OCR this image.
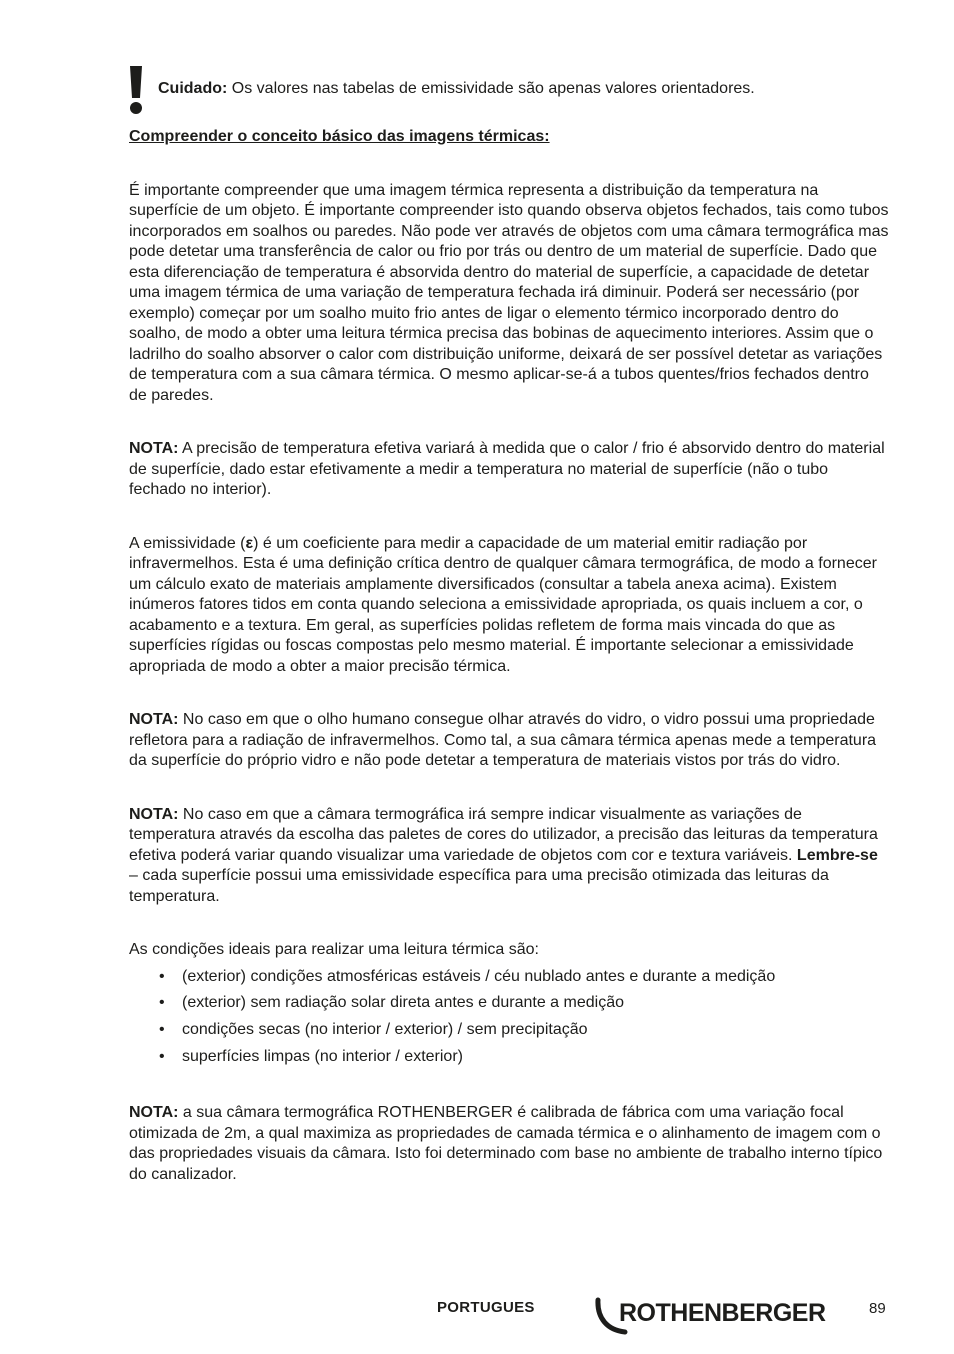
Cuidado: Os valores nas tabelas de emissividade são apenas valores orientadores.

Compreender o conceito básico das imagens térmicas:

É importante compreender que uma imagem térmica representa a distribuição da temperatura na superfície de um objeto. É importante compreender isto quando observa objetos fechados, tais como tubos incorporados em soalhos ou paredes. Não pode ver através de objetos com uma câmara termográfica mas pode detetar uma transferência de calor ou frio por trás ou dentro de um material de superfície. Dado que esta diferenciação de temperatura é absorvida dentro do material de superfície, a capacidade de detetar uma imagem térmica de uma variação de temperatura fechada irá diminuir. Poderá ser necessário (por exemplo) começar por um soalho muito frio antes de ligar o elemento térmico incorporado dentro do soalho, de modo a obter uma leitura térmica precisa das bobinas de aquecimento interiores. Assim que o ladrilho do soalho absorver o calor com distribuição uniforme, deixará de ser possível detetar as variações de temperatura com a sua câmara térmica. O mesmo aplicar-se-á a tubos quentes/frios fechados dentro de paredes.

NOTA: A precisão de temperatura efetiva variará à medida que o calor / frio é absorvido dentro do material de superfície, dado estar efetivamente a medir a temperatura no material de superfície (não o tubo fechado no interior).

A emissividade (ε) é um coeficiente para medir a capacidade de um material emitir radiação por infravermelhos. Esta é uma definição crítica dentro de qualquer câmara termográfica, de modo a fornecer um cálculo exato de materiais amplamente diversificados (consultar a tabela anexa acima). Existem inúmeros fatores tidos em conta quando seleciona a emissividade apropriada, os quais incluem a cor, o acabamento e a textura. Em geral, as superfícies polidas refletem de forma mais vincada do que as superfícies rígidas ou foscas compostas pelo mesmo material. É importante selecionar a emissividade apropriada de modo a obter a maior precisão térmica.

NOTA: No caso em que o olho humano consegue olhar através do vidro, o vidro possui uma propriedade refletora para a radiação de infravermelhos. Como tal, a sua câmara térmica apenas mede a temperatura da superfície do próprio vidro e não pode detetar a temperatura de materiais vistos por trás do vidro.

NOTA: No caso em que a câmara termográfica irá sempre indicar visualmente as variações de temperatura através da escolha das paletes de cores do utilizador, a precisão das leituras da temperatura efetiva poderá variar quando visualizar uma variedade de objetos com cor e textura variáveis. Lembre-se – cada superfície possui uma emissividade específica para uma precisão otimizada das leituras da temperatura.

As condições ideais para realizar uma leitura térmica são:

• (exterior) condições atmosféricas estáveis / céu nublado antes e durante a medição
• (exterior) sem radiação solar direta antes e durante a medição
• condições secas (no interior / exterior) / sem precipitação
• superfícies limpas (no interior / exterior)

NOTA: a sua câmara termográfica ROTHENBERGER é calibrada de fábrica com uma variação focal otimizada de 2m, a qual maximiza as propriedades de camada térmica e o alinhamento de imagem com o das propriedades visuais da câmara. Isto foi determinado com base no ambiente de trabalho interno típico do canalizador.

PORTUGUES	ROTHENBERGER	89
